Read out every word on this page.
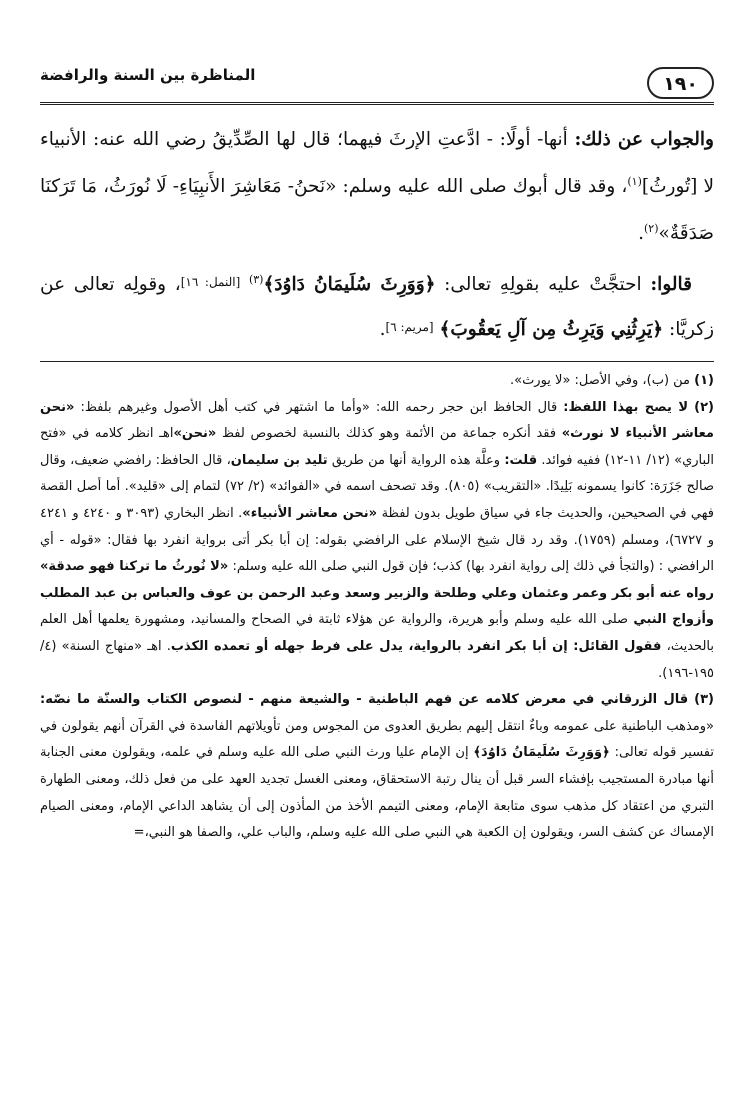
١٩٠
المناظرة بين السنة والرافضة

والجواب عن ذلك: أنها- أولًا: - ادَّعتِ الإرثَ فيهما؛ قال لها الصِّدِّيقُ رضي الله عنه: الأنبياء لا [تُورثُ]$^{(١)}$، وقد قال أبوك صلى الله عليه وسلم: «نَحنُ- مَعَاشِرَ الأَنبِيَاءِ- لَا نُورَثُ، مَا تَرَكنَا صَدَقَةٌ»$^{(٢)}$.

قالوا: احتجَّتْ عليه بقولِهِ تعالى: ﴿وَوَرِثَ سُلَيمَانُ دَاوُدَ﴾$^{(٣)}$ [النمل: ١٦]، وقولِه تعالى عن زكريَّا: ﴿يَرِثُنِي وَيَرِثُ مِن آلِ يَعقُوبَ﴾ [مريم: ٦].

(١) من (ب)، وفي الأصل: «لا يورث».

(٢) لا يصح بهذا اللفظ: قال الحافظ ابن حجر رحمه الله: «وأما ما اشتهر في كتب أهل الأصول وغيرهم بلفظ: «نحن معاشر الأنبياء لا نورث» فقد أنكره جماعة من الأئمة وهو كذلك بالنسبة لخصوص لفظ «نحن»اهـ انظر كلامه في «فتح الباري» (١٢/ ١١-١٢) ففيه فوائد. قلت: وعلَّة هذه الرواية أنها من طريق تليد بن سليمان، قال الحافظ: رافضي ضعيف، وقال صالح جَزَرَة: كانوا يسمونه بَلِيدًا. «التقريب» (٨٠٥). وقد تصحف اسمه في «الفوائد» (٢/ ٧٢) لتمام إلى «قليد». أما أصل القصة فهي في الصحيحين، والحديث جاء في سياق طويل بدون لفظة «نحن معاشر الأنبياء». انظر البخاري (٣٠٩٣ و ٤٢٤٠ و ٤٢٤١ و ٦٧٢٧)، ومسلم (١٧٥٩). وقد رد قال شيخ الإسلام على الرافضي بقوله: إن أبا بكر أتى برواية انفرد بها فقال: «قوله - أي الرافضي : (والتجأ في ذلك إلى رواية انفرد بها) كذب؛ فإن قول النبي صلى الله عليه وسلم: «لا نُورثُ ما تركنا فهو صدقة» رواه عنه أبو بكر وعمر وعثمان وعلي وطلحة والزبير وسعد وعبد الرحمن بن عوف والعباس بن عبد المطلب وأزواج النبي صلى الله عليه وسلم وأبو هريرة، والرواية عن هؤلاء ثابتة في الصحاح والمسانيد، ومشهورة يعلمها أهل العلم بالحديث، فقول القائل: إن أبا بكر انفرد بالرواية، يدل على فرط جهله أو تعمده الكذب. اهـ «منهاج السنة» (٤/ ١٩٥-١٩٦).

(٣) قال الزرقاني في معرض كلامه عن فهم الباطنية - والشيعة منهم - لنصوص الكتاب والسنّة ما نصّه: «ومذهب الباطنية على عمومه وباءٌ انتقل إليهم بطريق العدوى من المجوس ومن تأويلاتهم الفاسدة في القرآن أنهم يقولون في تفسير قوله تعالى: ﴿وَوَرِثَ سُلَيمَانُ دَاوُدَ﴾ إن الإمام عليا ورث النبي صلى الله عليه وسلم في علمه، ويقولون معنى الجنابة أنها مبادرة المستجيب بإفشاء السر قبل أن ينال رتبة الاستحقاق، ومعنى الغسل تجديد العهد على من فعل ذلك، ومعنى الطهارة التبري من اعتقاد كل مذهب سوى متابعة الإمام، ومعنى التيمم الأخذ من المأذون إلى أن يشاهد الداعي الإمام، ومعنى الصيام الإمساك عن كشف السر، ويقولون إن الكعبة هي النبي صلى الله عليه وسلم، والباب علي، والصفا هو النبي،=
